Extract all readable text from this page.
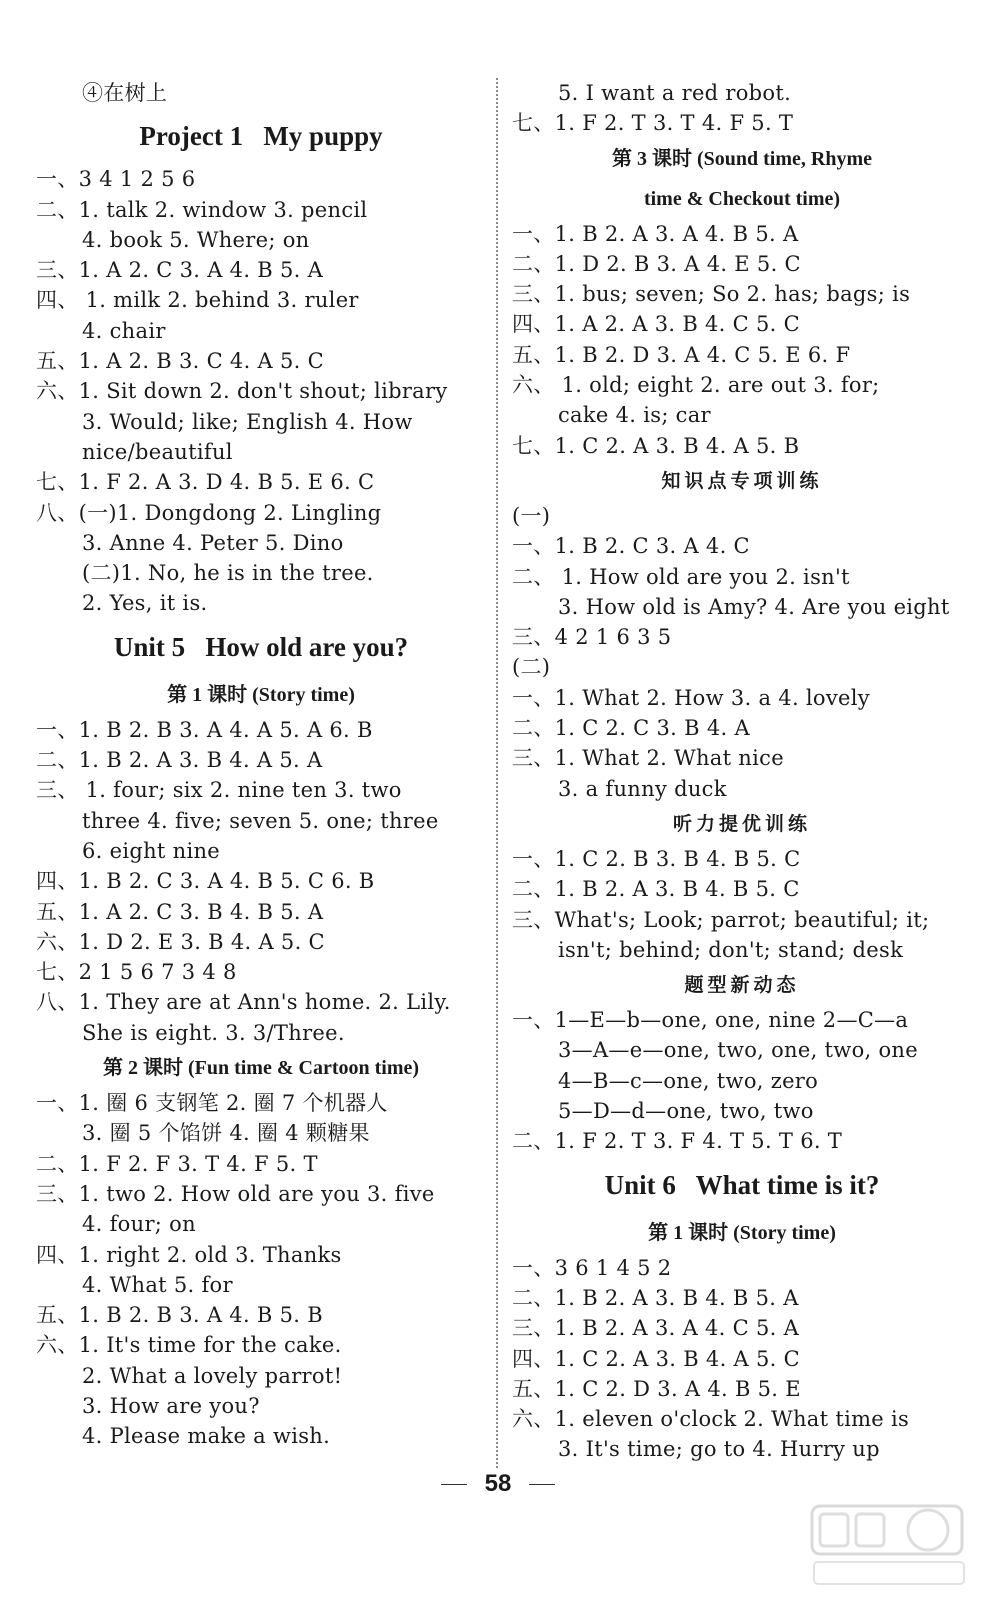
④在树上
Project 1   My puppy
一、3 4 1 2 5 6
二、1. talk 2. window 3. pencil
4. book 5. Where; on
三、1. A 2. C 3. A 4. B 5. A
四、 1. milk 2. behind 3. ruler
4. chair
五、1. A 2. B 3. C 4. A 5. C
六、1. Sit down 2. don't shout; library
3. Would; like; English 4. How
nice/beautiful
七、1. F 2. A 3. D 4. B 5. E 6. C
八、(一)1. Dongdong 2. Lingling
3. Anne 4. Peter 5. Dino
(二)1. No, he is in the tree.
2. Yes, it is.
Unit 5   How old are you?
第 1 课时 (Story time)
一、1. B 2. B 3. A 4. A 5. A 6. B
二、1. B 2. A 3. B 4. A 5. A
三、 1. four; six 2. nine ten 3. two
three 4. five; seven 5. one; three
6. eight nine
四、1. B 2. C 3. A 4. B 5. C 6. B
五、1. A 2. C 3. B 4. B 5. A
六、1. D 2. E 3. B 4. A 5. C
七、2 1 5 6 7 3 4 8
八、1. They are at Ann's home. 2. Lily.
She is eight. 3. 3/Three.
第 2 课时 (Fun time & Cartoon time)
一、1. 圈 6 支钢笔 2. 圈 7 个机器人
3. 圈 5 个馅饼 4. 圈 4 颗糖果
二、1. F 2. F 3. T 4. F 5. T
三、1. two 2. How old are you 3. five
4. four; on
四、1. right 2. old 3. Thanks
4. What 5. for
五、1. B 2. B 3. A 4. B 5. B
六、1. It's time for the cake.
2. What a lovely parrot!
3. How are you?
4. Please make a wish.
5. I want a red robot.
七、1. F 2. T 3. T 4. F 5. T
第 3 课时 (Sound time, Rhyme
time & Checkout time)
一、1. B 2. A 3. A 4. B 5. A
二、1. D 2. B 3. A 4. E 5. C
三、1. bus; seven; So 2. has; bags; is
四、1. A 2. A 3. B 4. C 5. C
五、1. B 2. D 3. A 4. C 5. E 6. F
六、 1. old; eight 2. are out 3. for;
cake 4. is; car
七、1. C 2. A 3. B 4. A 5. B
知识点专项训练
(一)
一、1. B 2. C 3. A 4. C
二、 1. How old are you 2. isn't
3. How old is Amy? 4. Are you eight
三、4 2 1 6 3 5
(二)
一、1. What 2. How 3. a 4. lovely
二、1. C 2. C 3. B 4. A
三、1. What 2. What nice
3. a funny duck
听力提优训练
一、1. C 2. B 3. B 4. B 5. C
二、1. B 2. A 3. B 4. B 5. C
三、What's; Look; parrot; beautiful; it;
isn't; behind; don't; stand; desk
题型新动态
一、1—E—b—one, one, nine 2—C—a
3—A—e—one, two, one, two, one
4—B—c—one, two, zero
5—D—d—one, two, two
二、1. F 2. T 3. F 4. T 5. T 6. T
Unit 6   What time is it?
第 1 课时 (Story time)
一、3 6 1 4 5 2
二、1. B 2. A 3. B 4. B 5. A
三、1. B 2. A 3. A 4. C 5. A
四、1. C 2. A 3. B 4. A 5. C
五、1. C 2. D 3. A 4. B 5. E
六、1. eleven o'clock 2. What time is
3. It's time; go to 4. Hurry up
58
